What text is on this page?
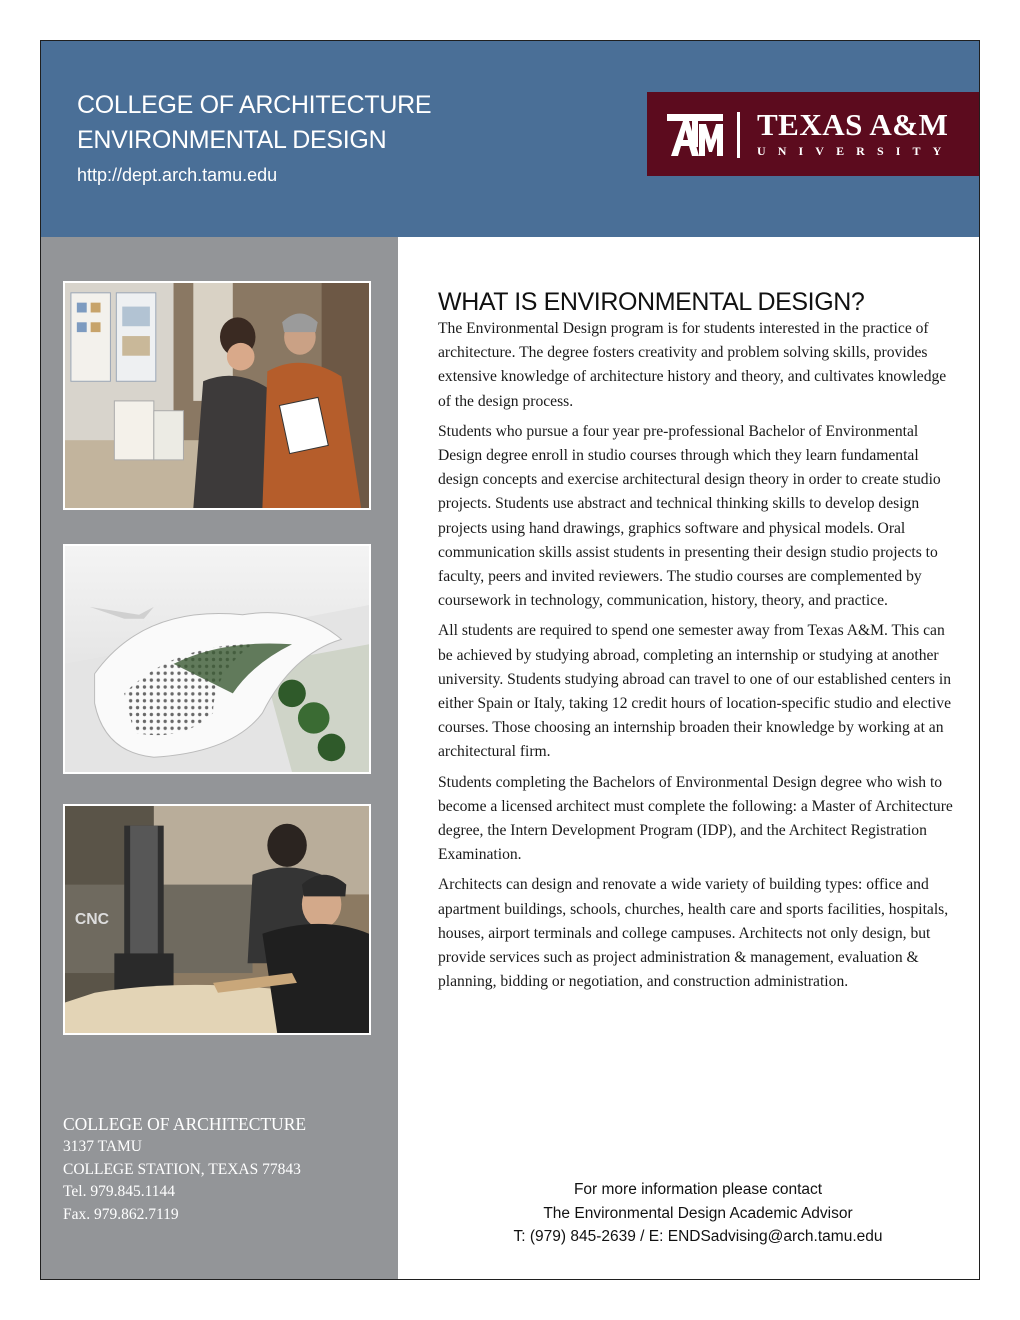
COLLEGE OF ARCHITECTURE
ENVIRONMENTAL DESIGN
http://dept.arch.tamu.edu
TEXAS A&M
UNIVERSITY
CNC
COLLEGE OF ARCHITECTURE
3137 TAMU
COLLEGE STATION, TEXAS 77843
Tel. 979.845.1144
Fax. 979.862.7119
WHAT IS ENVIRONMENTAL DESIGN?

The Environmental Design program is for students interested in the practice of architecture. The degree fosters creativity and problem solving skills, provides extensive knowledge of architecture history and theory, and cultivates knowledge of the design process.

Students who pursue a four year pre-professional Bachelor of Environmental Design degree enroll in studio courses through which they learn fundamental design concepts and exercise architectural design theory in order to create studio projects. Students use abstract and technical thinking skills to develop design projects using hand drawings, graphics software and physical models. Oral communication skills assist students in presenting their design studio projects to faculty, peers and invited reviewers. The studio courses are complemented by coursework in technology, communication, history, theory, and practice.

All students are required to spend one semester away from Texas A&M. This can be achieved by studying abroad, completing an internship or studying at another university. Students studying abroad can travel to one of our established centers in either Spain or Italy, taking 12 credit hours of location-specific studio and elective courses. Those choosing an internship broaden their knowledge by working at an architectural firm.

Students completing the Bachelors of Environmental Design degree who wish to become a licensed architect must complete the following: a Master of Architecture degree, the Intern Development Program (IDP), and the Architect Registration Examination.

Architects can design and renovate a wide variety of building types: office and apartment buildings, schools, churches, health care and sports facilities, hospitals, houses, airport terminals and college campuses. Architects not only design, but provide services such as project administration & management, evaluation & planning, bidding or negotiation, and construction administration.

For more information please contact
The Environmental Design Academic Advisor
T: (979) 845-2639 / E: ENDSadvising@arch.tamu.edu
